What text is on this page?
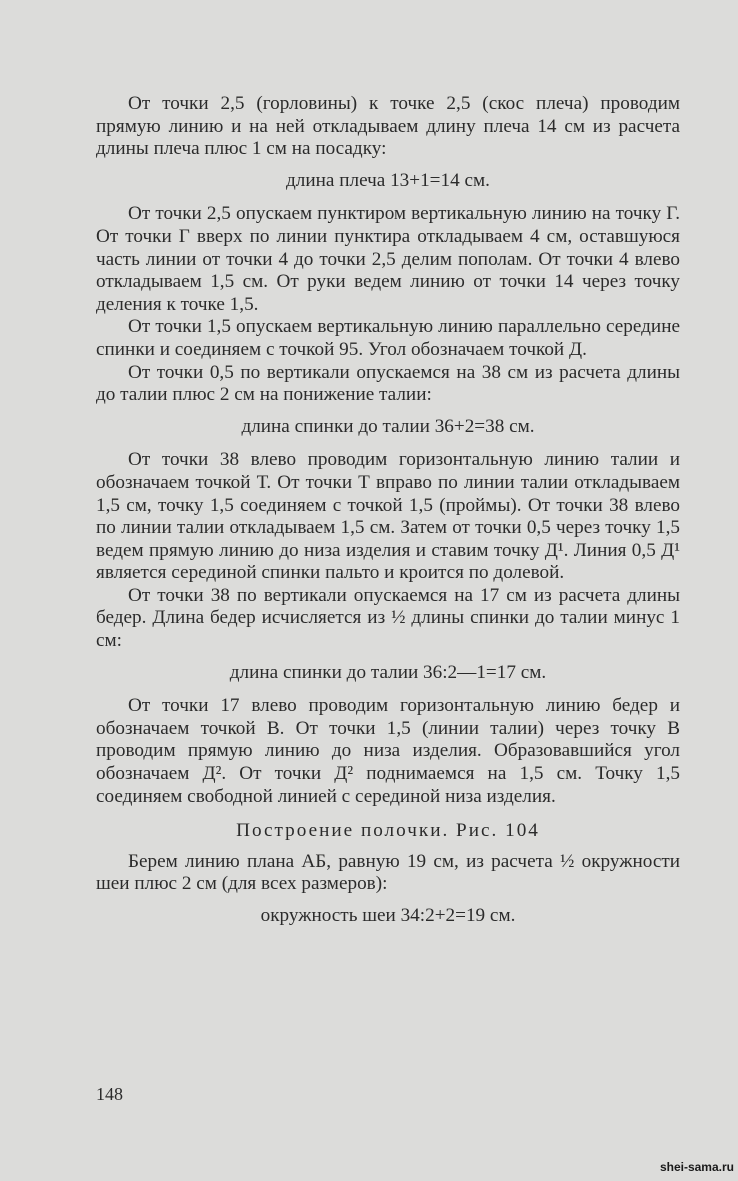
От точки 2,5 (горловины) к точке 2,5 (скос плеча) проводим прямую линию и на ней откладываем длину плеча 14 см из расчета длины плеча плюс 1 см на посадку:

длина плеча 13+1=14 см.

От точки 2,5 опускаем пунктиром вертикальную линию на точку Г. От точки Г вверх по линии пунктира откладываем 4 см, оставшуюся часть линии от точки 4 до точки 2,5 делим пополам. От точки 4 влево откладываем 1,5 см. От руки ведем линию от точки 14 через точку деления к точке 1,5.

От точки 1,5 опускаем вертикальную линию параллельно середине спинки и соединяем с точкой 95. Угол обозначаем точкой Д.

От точки 0,5 по вертикали опускаемся на 38 см из расчета длины до талии плюс 2 см на понижение талии:

длина спинки до талии 36+2=38 см.

От точки 38 влево проводим горизонтальную линию талии и обозначаем точкой Т. От точки Т вправо по линии талии откладываем 1,5 см, точку 1,5 соединяем с точкой 1,5 (проймы). От точки 38 влево по линии талии откладываем 1,5 см. Затем от точки 0,5 через точку 1,5 ведем прямую линию до низа изделия и ставим точку Д¹. Линия 0,5 Д¹ является серединой спинки пальто и кроится по долевой.

От точки 38 по вертикали опускаемся на 17 см из расчета длины бедер. Длина бедер исчисляется из ½ длины спинки до талии минус 1 см:

длина спинки до талии 36:2—1=17 см.

От точки 17 влево проводим горизонтальную линию бедер и обозначаем точкой В. От точки 1,5 (линии талии) через точку В проводим прямую линию до низа изделия. Образовавшийся угол обозначаем Д². От точки Д² поднимаемся на 1,5 см. Точку 1,5 соединяем свободной линией с серединой низа изделия.

Построение полочки. Рис. 104

Берем линию плана АБ, равную 19 см, из расчета ½ окружности шеи плюс 2 см (для всех размеров):

окружность шеи 34:2+2=19 см.

148
shei-sama.ru
